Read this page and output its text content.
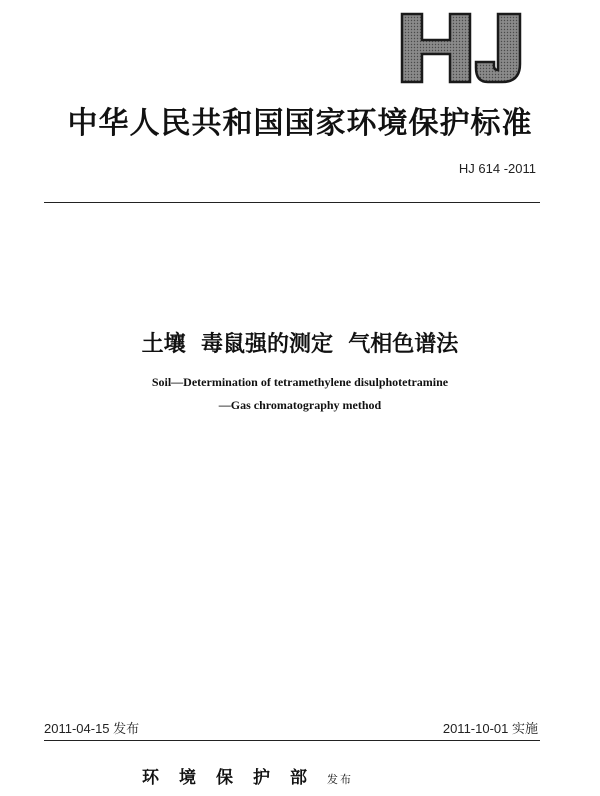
中华人民共和国国家环境保护标准
HJ 614 -2011
土壤  毒鼠强的测定  气相色谱法
Soil—Determination of tetramethylene disulphotetramine
—Gas chromatography method
2011-04-15 发布	2011-10-01 实施
环境保护部发布
